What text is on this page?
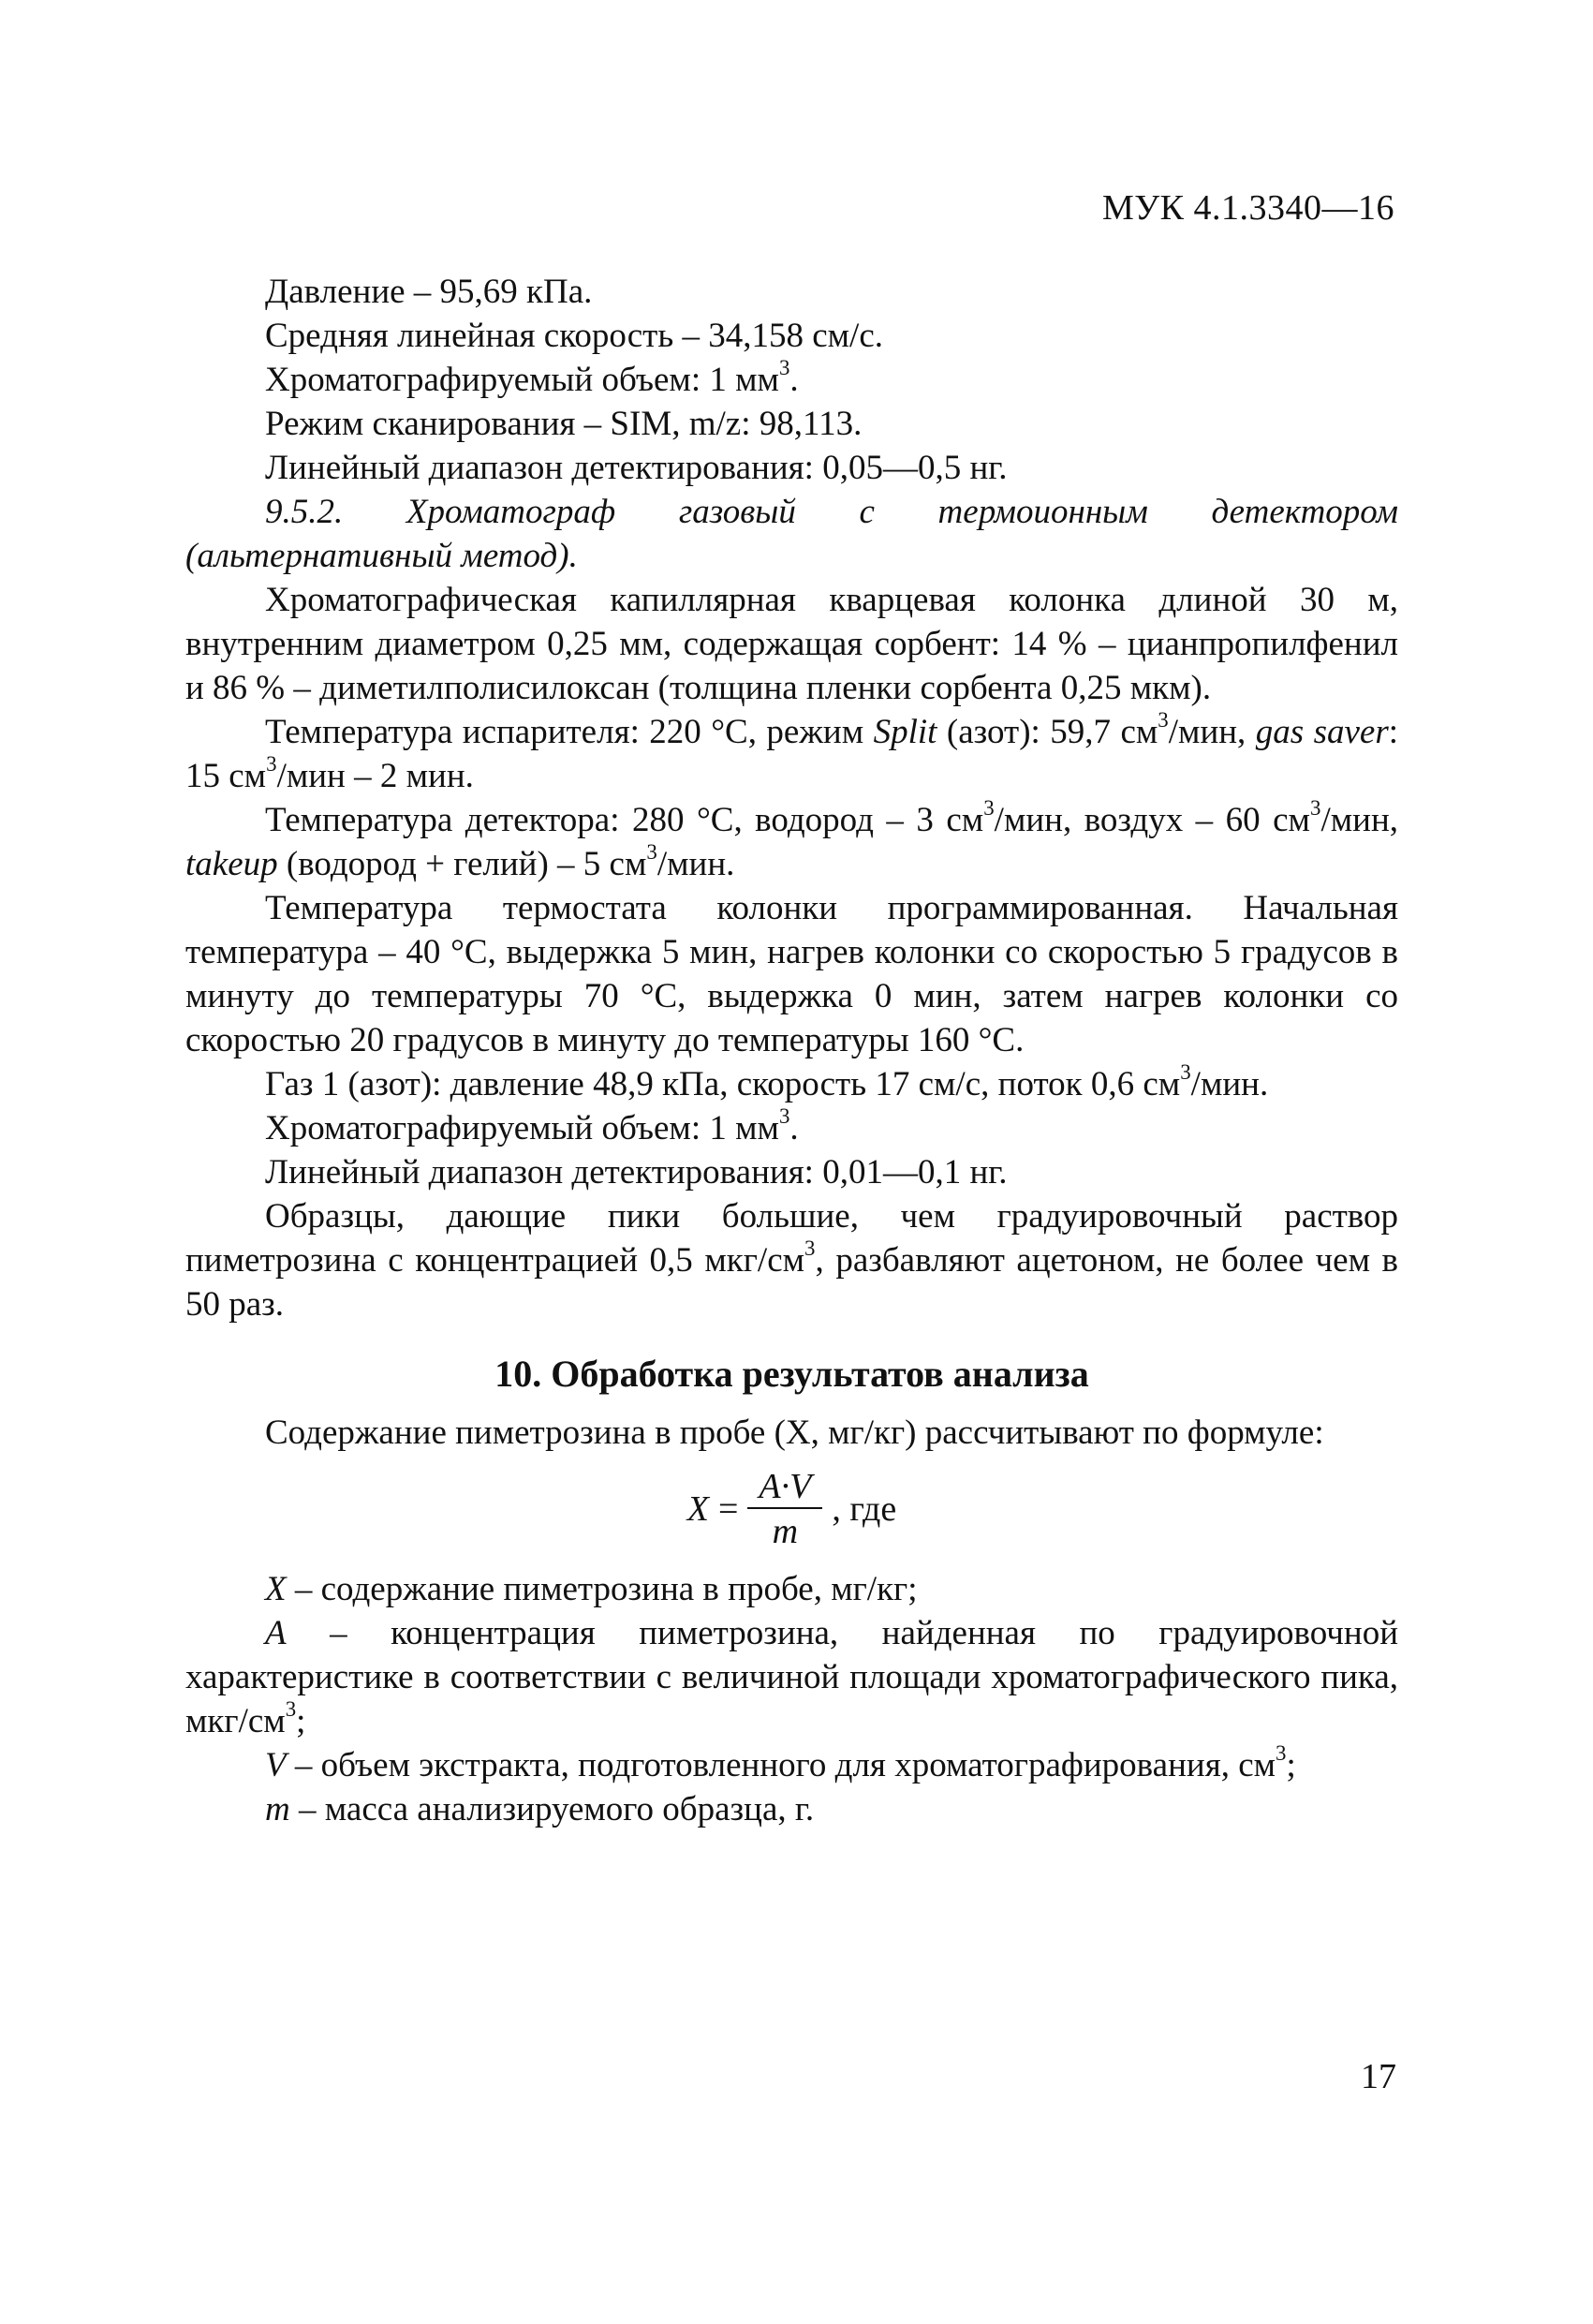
МУК 4.1.3340—16

Давление – 95,69 кПа.

Средняя линейная скорость – 34,158 см/с.

Хроматографируемый объем: 1 $мм^3$.

Режим сканирования – SIM, m/z: 98,113.

Линейный диапазон детектирования: 0,05—0,5 нг.

9.5.2. Хроматограф газовый с термоионным детектором (альтернативный метод).

Хроматографическая капиллярная кварцевая колонка длиной 30 м, внутренним диаметром 0,25 мм, содержащая сорбент: 14 % – цианпропилфенил и 86 % – диметилполисилоксан (толщина пленки сорбента 0,25 мкм).

Температура испарителя: 220 °С, режим Split (азот): 59,7 $см^3$/мин, gas saver: 15 $см^3$/мин – 2 мин.

Температура детектора: 280 °С, водород – 3 $см^3$/мин, воздух – 60 $см^3$/мин, takeup (водород + гелий) – 5 $см^3$/мин.

Температура термостата колонки программированная. Начальная температура – 40 °С, выдержка 5 мин, нагрев колонки со скоростью 5 градусов в минуту до температуры 70 °С, выдержка 0 мин, затем нагрев колонки со скоростью 20 градусов в минуту до температуры 160 °С.

Газ 1 (азот): давление 48,9 кПа, скорость 17 см/с, поток 0,6 $см^3$/мин.

Хроматографируемый объем: 1 $мм^3$.

Линейный диапазон детектирования: 0,01—0,1 нг.

Образцы, дающие пики большие, чем градуировочный раствор пиметрозина с концентрацией 0,5 мкг/$см^3$, разбавляют ацетоном, не более чем в 50 раз.

10. Обработка результатов анализа

Содержание пиметрозина в пробе (X, мг/кг) рассчитывают по формуле:

$X = \frac{A\cdot V}{m}$ , где

X – содержание пиметрозина в пробе, мг/кг;

A – концентрация пиметрозина, найденная по градуировочной характеристике в соответствии с величиной площади хроматографического пика, мкг/$см^3$;

V – объем экстракта, подготовленного для хроматографирования, $см^3$;

m – масса анализируемого образца, г.

17
